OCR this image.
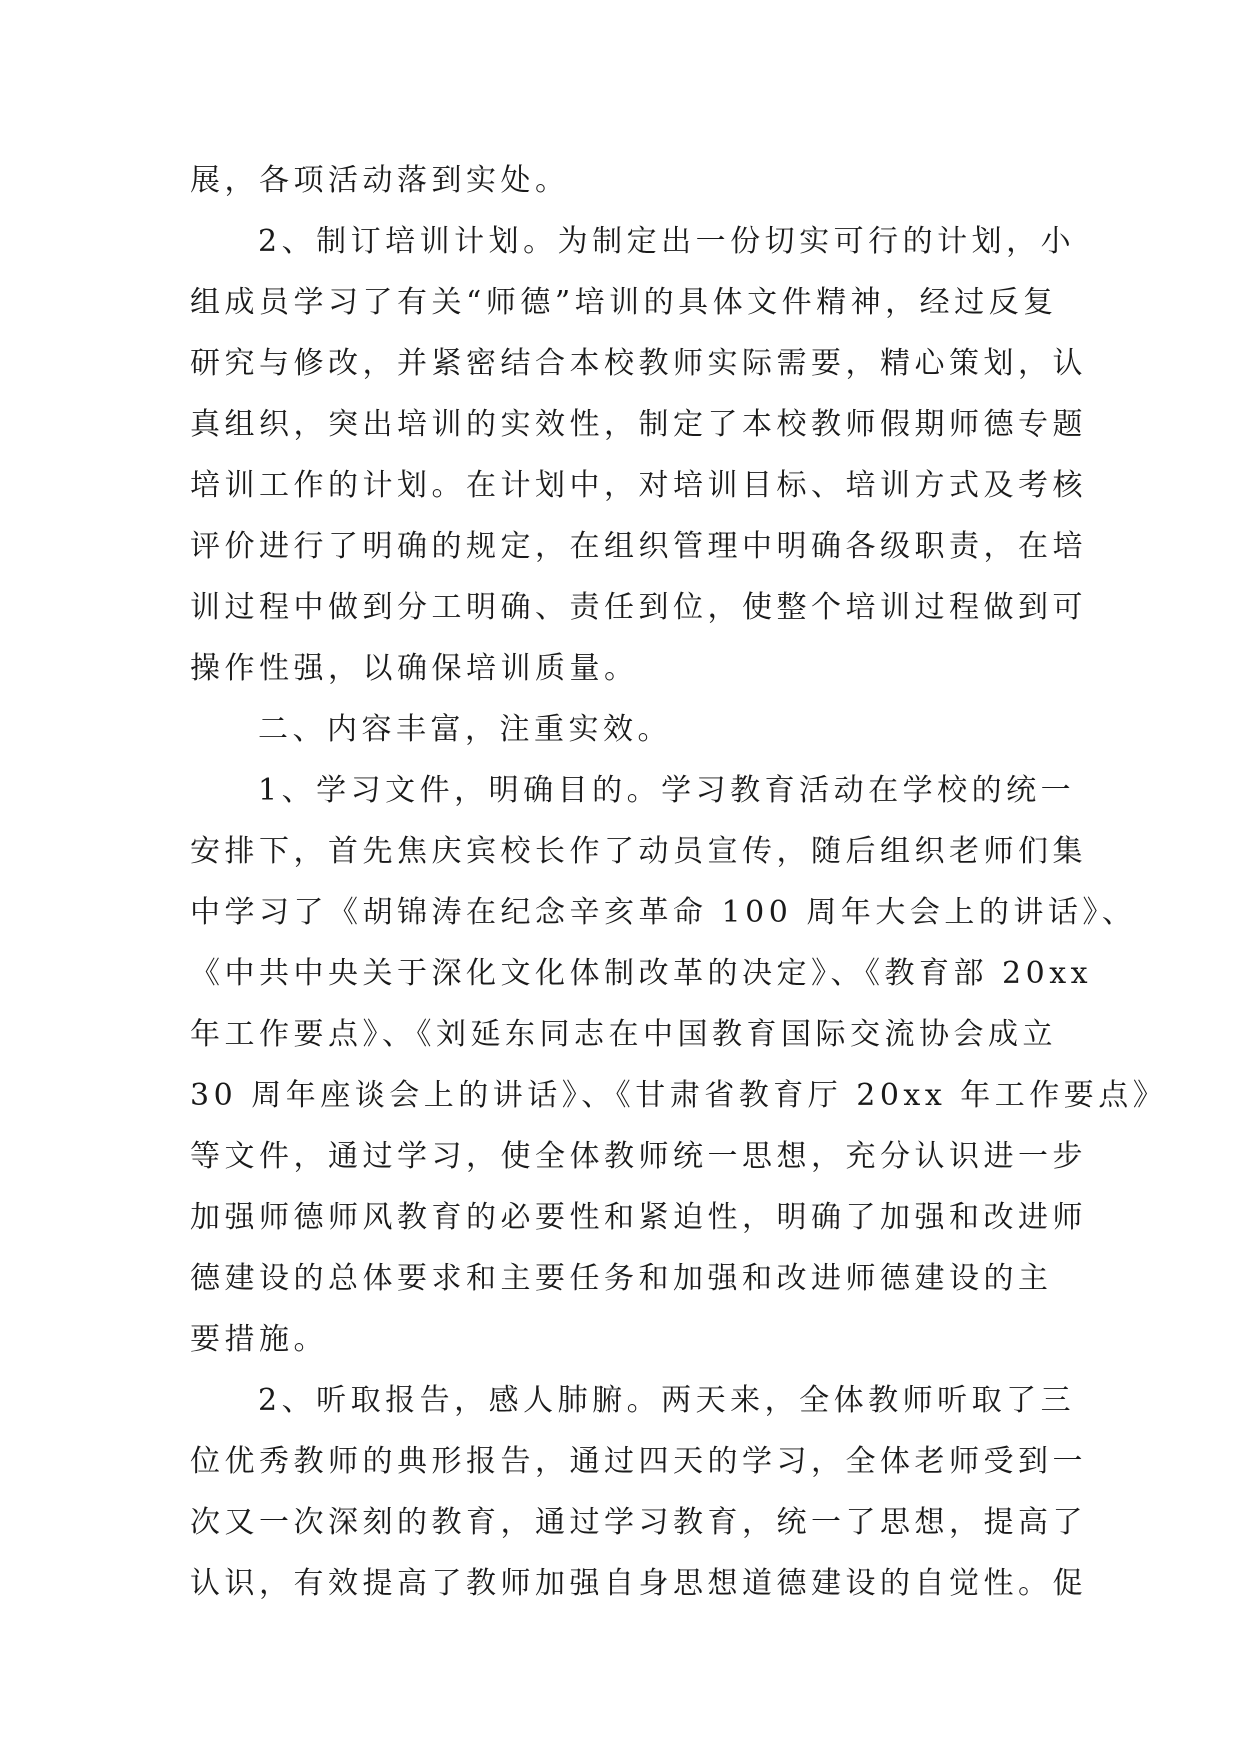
展，各项活动落到实处。
2、制订培训计划。为制定出一份切实可行的计划，小
组成员学习了有关“师德”培训的具体文件精神，经过反复
研究与修改，并紧密结合本校教师实际需要，精心策划，认
真组织，突出培训的实效性，制定了本校教师假期师德专题
培训工作的计划。在计划中，对培训目标、培训方式及考核
评价进行了明确的规定，在组织管理中明确各级职责，在培
训过程中做到分工明确、责任到位，使整个培训过程做到可
操作性强，以确保培训质量。
二、内容丰富，注重实效。
1、学习文件，明确目的。学习教育活动在学校的统一
安排下，首先焦庆宾校长作了动员宣传，随后组织老师们集
中学习了《胡锦涛在纪念辛亥革命 100 周年大会上的讲话》、
《中共中央关于深化文化体制改革的决定》、《教育部 20xx
年工作要点》、《刘延东同志在中国教育国际交流协会成立
30 周年座谈会上的讲话》、《甘肃省教育厅 20xx 年工作要点》
等文件，通过学习，使全体教师统一思想，充分认识进一步
加强师德师风教育的必要性和紧迫性，明确了加强和改进师
德建设的总体要求和主要任务和加强和改进师德建设的主
要措施。
2、听取报告，感人肺腑。两天来，全体教师听取了三
位优秀教师的典形报告，通过四天的学习，全体老师受到一
次又一次深刻的教育，通过学习教育，统一了思想，提高了
认识，有效提高了教师加强自身思想道德建设的自觉性。促
